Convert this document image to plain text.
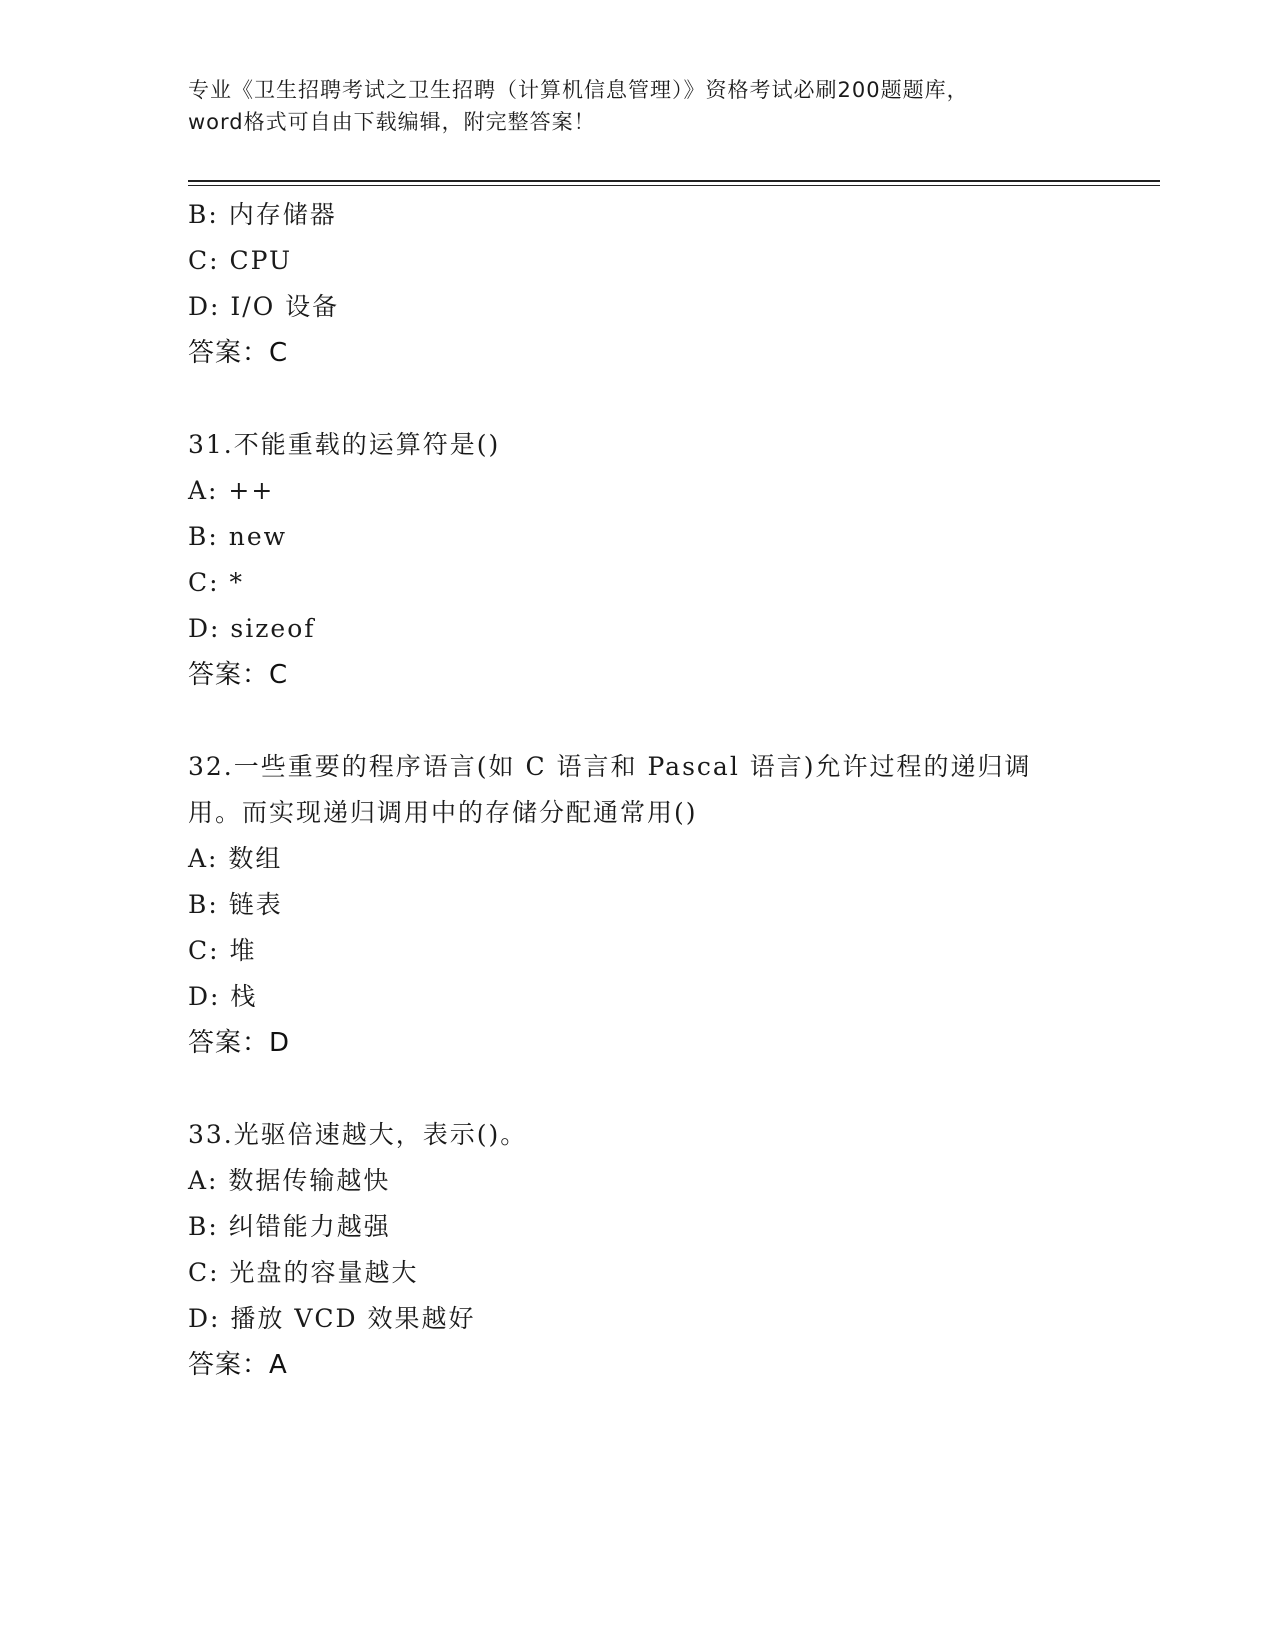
专业《卫生招聘考试之卫生招聘（计算机信息管理）》资格考试必刷200题题库，
word格式可自由下载编辑，附完整答案！
B: 内存储器
C: CPU
D: I/O 设备
答案：C
31.不能重载的运算符是()
A: ++
B: new
C: *
D: sizeof
答案：C
32.一些重要的程序语言(如 C 语言和 Pascal 语言)允许过程的递归调
用。而实现递归调用中的存储分配通常用()
A: 数组
B: 链表
C: 堆
D: 栈
答案：D
33.光驱倍速越大，表示()。
A: 数据传输越快
B: 纠错能力越强
C: 光盘的容量越大
D: 播放 VCD 效果越好
答案：A
